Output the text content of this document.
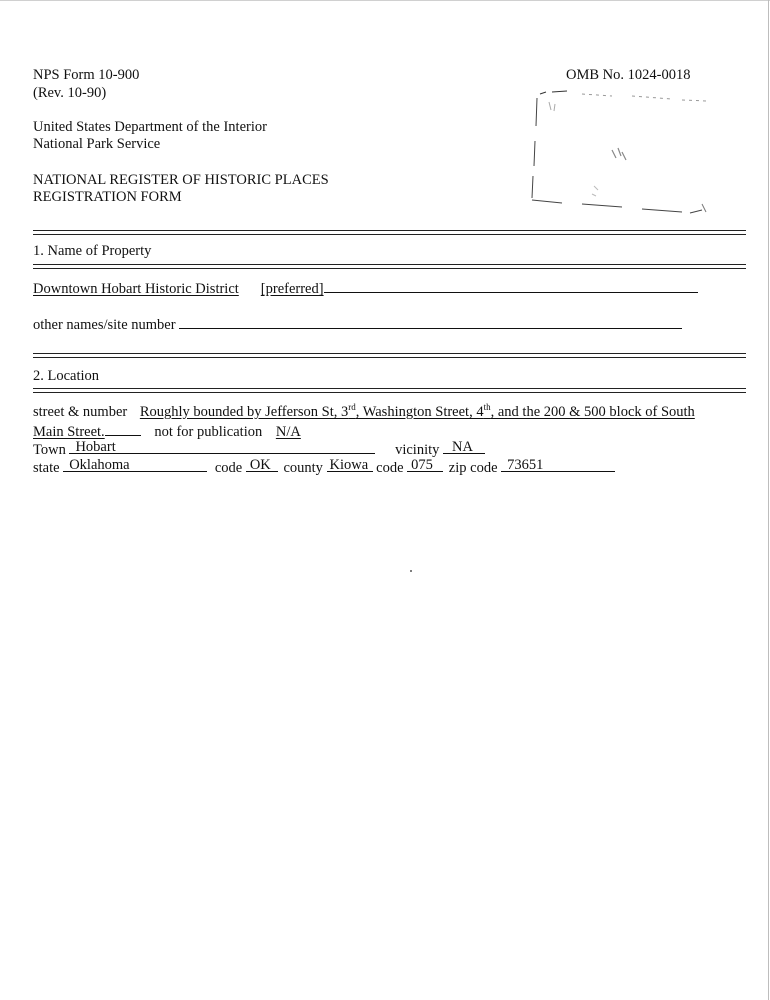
NPS Form 10-900
(Rev. 10-90)
OMB No. 1024-0018
United States Department of the Interior
National Park Service
NATIONAL REGISTER OF HISTORIC PLACES
REGISTRATION FORM
1. Name of Property
Downtown Hobart Historic District [preferred]
other names/site number
2. Location
street & number Roughly bounded by Jefferson St, 3rd, Washington Street, 4th, and the 200 & 500 block of South
Main Street.	not for publication N/A
Town Hobart	vicinity NA
state Oklahoma	code OK county Kiowa code 075 zip code 73651
